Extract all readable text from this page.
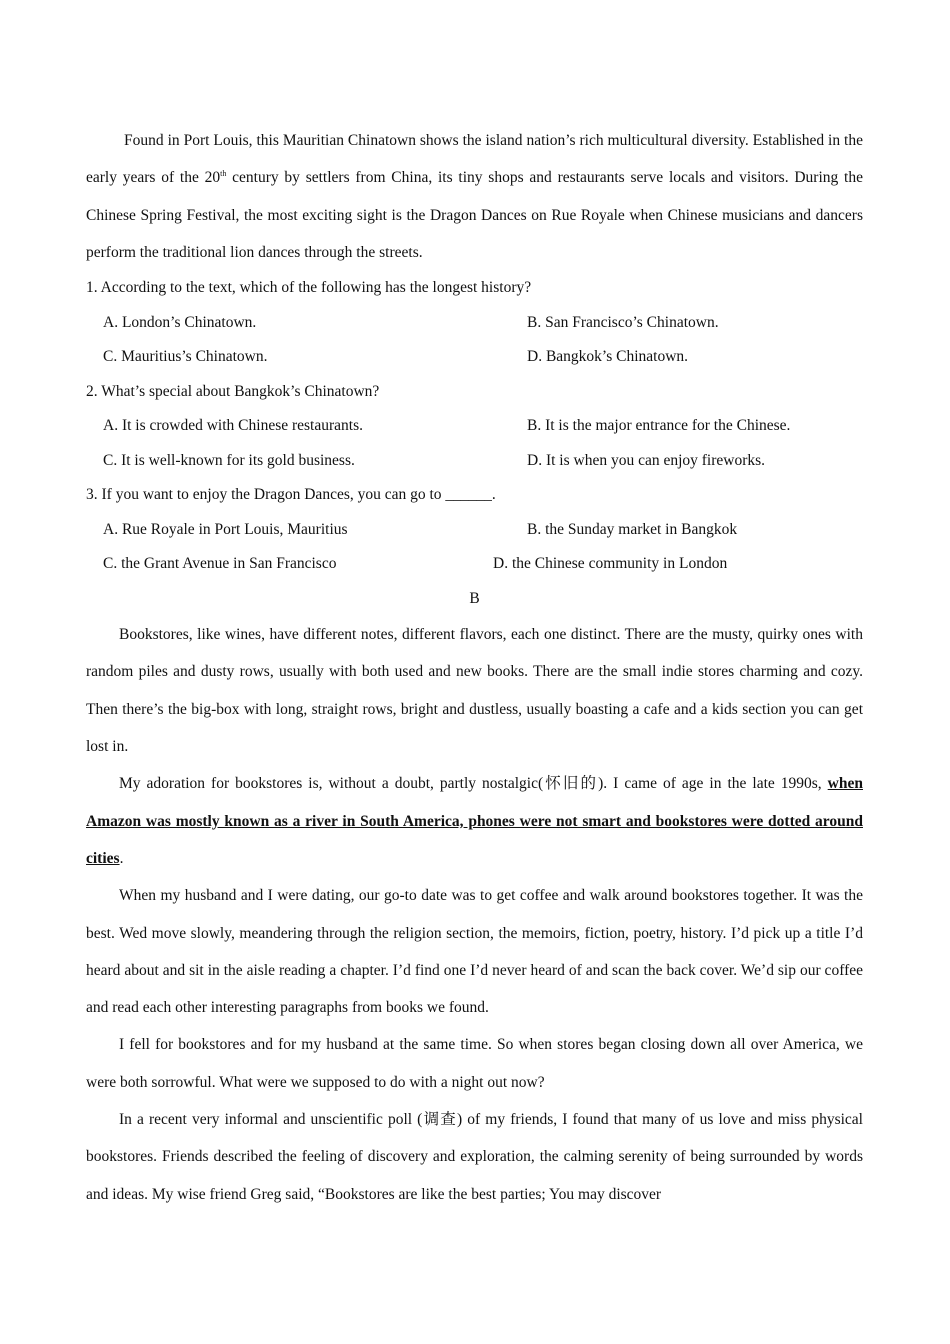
Found in Port Louis, this Mauritian Chinatown shows the island nation’s rich multicultural diversity. Established in the early years of the 20th century by settlers from China, its tiny shops and restaurants serve locals and visitors. During the Chinese Spring Festival, the most exciting sight is the Dragon Dances on Rue Royale when Chinese musicians and dancers perform the traditional lion dances through the streets.

1. According to the text, which of the following has the longest history?

A. London’s Chinatown.	B. San Francisco’s Chinatown.
C. Mauritius’s Chinatown.	D. Bangkok’s Chinatown.

2. What’s special about Bangkok’s Chinatown?

A. It is crowded with Chinese restaurants.	B. It is the major entrance for the Chinese.
C. It is well-known for its gold business.	D. It is when you can enjoy fireworks.

3. If you want to enjoy the Dragon Dances, you can go to ______.

A. Rue Royale in Port Louis, Mauritius	B. the Sunday market in Bangkok
C. the Grant Avenue in San Francisco	D. the Chinese community in London

B

Bookstores, like wines, have different notes, different flavors, each one distinct. There are the musty, quirky ones with random piles and dusty rows, usually with both used and new books. There are the small indie stores charming and cozy. Then there’s the big-box with long, straight rows, bright and dustless, usually boasting a cafe and a kids section you can get lost in.

My adoration for bookstores is, without a doubt, partly nostalgic(怀旧的). I came of age in the late 1990s, when Amazon was mostly known as a river in South America, phones were not smart and bookstores were dotted around cities.

When my husband and I were dating, our go-to date was to get coffee and walk around bookstores together. It was the best. Wed move slowly, meandering through the religion section, the memoirs, fiction, poetry, history. I’d pick up a title I’d heard about and sit in the aisle reading a chapter. I’d find one I’d never heard of and scan the back cover. We’d sip our coffee and read each other interesting paragraphs from books we found.

I fell for bookstores and for my husband at the same time. So when stores began closing down all over America, we were both sorrowful. What were we supposed to do with a night out now?

In a recent very informal and unscientific poll (调查) of my friends, I found that many of us love and miss physical bookstores. Friends described the feeling of discovery and exploration, the calming serenity of being surrounded by words and ideas. My wise friend Greg said, “Bookstores are like the best parties; You may discover
